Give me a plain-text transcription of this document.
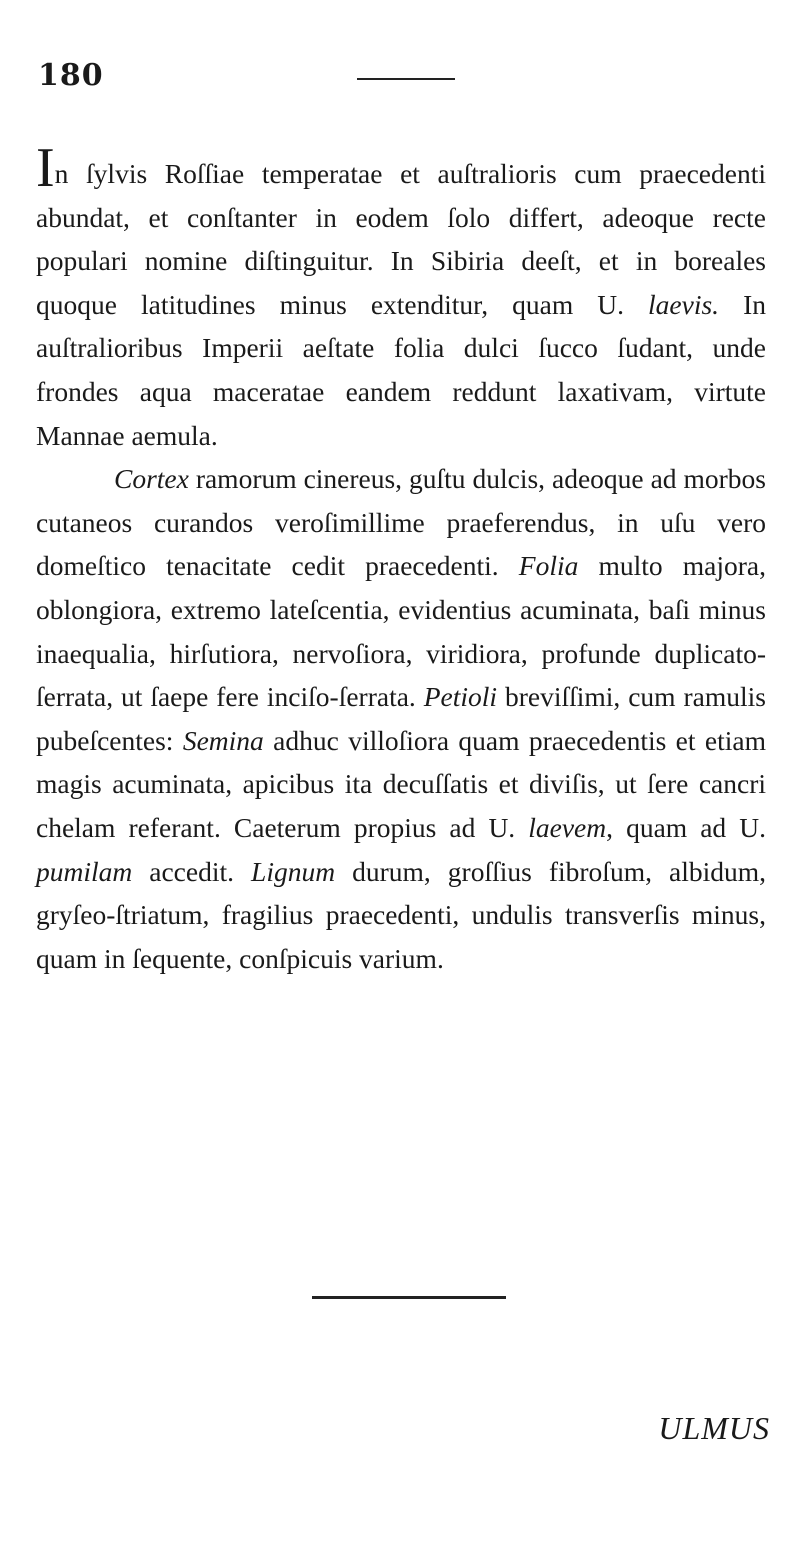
180

In ſylvis Roſſiae temperatae et auſtralioris cum praecedenti abundat, et conſtanter in eodem ſolo differt, adeoque recte populari nomine diſtinguitur. In Sibiria deeſt, et in boreales quoque latitudines minus extenditur, quam U. laevis. In auſtralioribus Imperii aeſtate folia dulci ſucco ſudant, unde frondes aqua maceratae eandem reddunt laxativam, virtute Mannae aemula.

Cortex ramorum cinereus, guſtu dulcis, adeoque ad morbos cutaneos curandos veroſimillime praeferendus, in uſu vero domeſtico tenacitate cedit praecedenti. Folia multo majora, oblongiora, extremo lateſcentia, evidentius acuminata, baſi minus inaequalia, hirſutiora, nervoſiora, viridiora, profunde duplicato-ſerrata, ut ſaepe fere inciſo-ſerrata. Petioli breviſſimi, cum ramulis pubeſcentes: Semina adhuc villoſiora quam praecedentis et etiam magis acuminata, apicibus ita decuſſatis et diviſis, ut ſere cancri chelam referant. Caeterum propius ad U. laevem, quam ad U. pumilam accedit. Lignum durum, groſſius fibroſum, albidum, gryſeo-ſtriatum, fragilius praecedenti, undulis transverſis minus, quam in ſequente, conſpicuis varium.

ULMUS
